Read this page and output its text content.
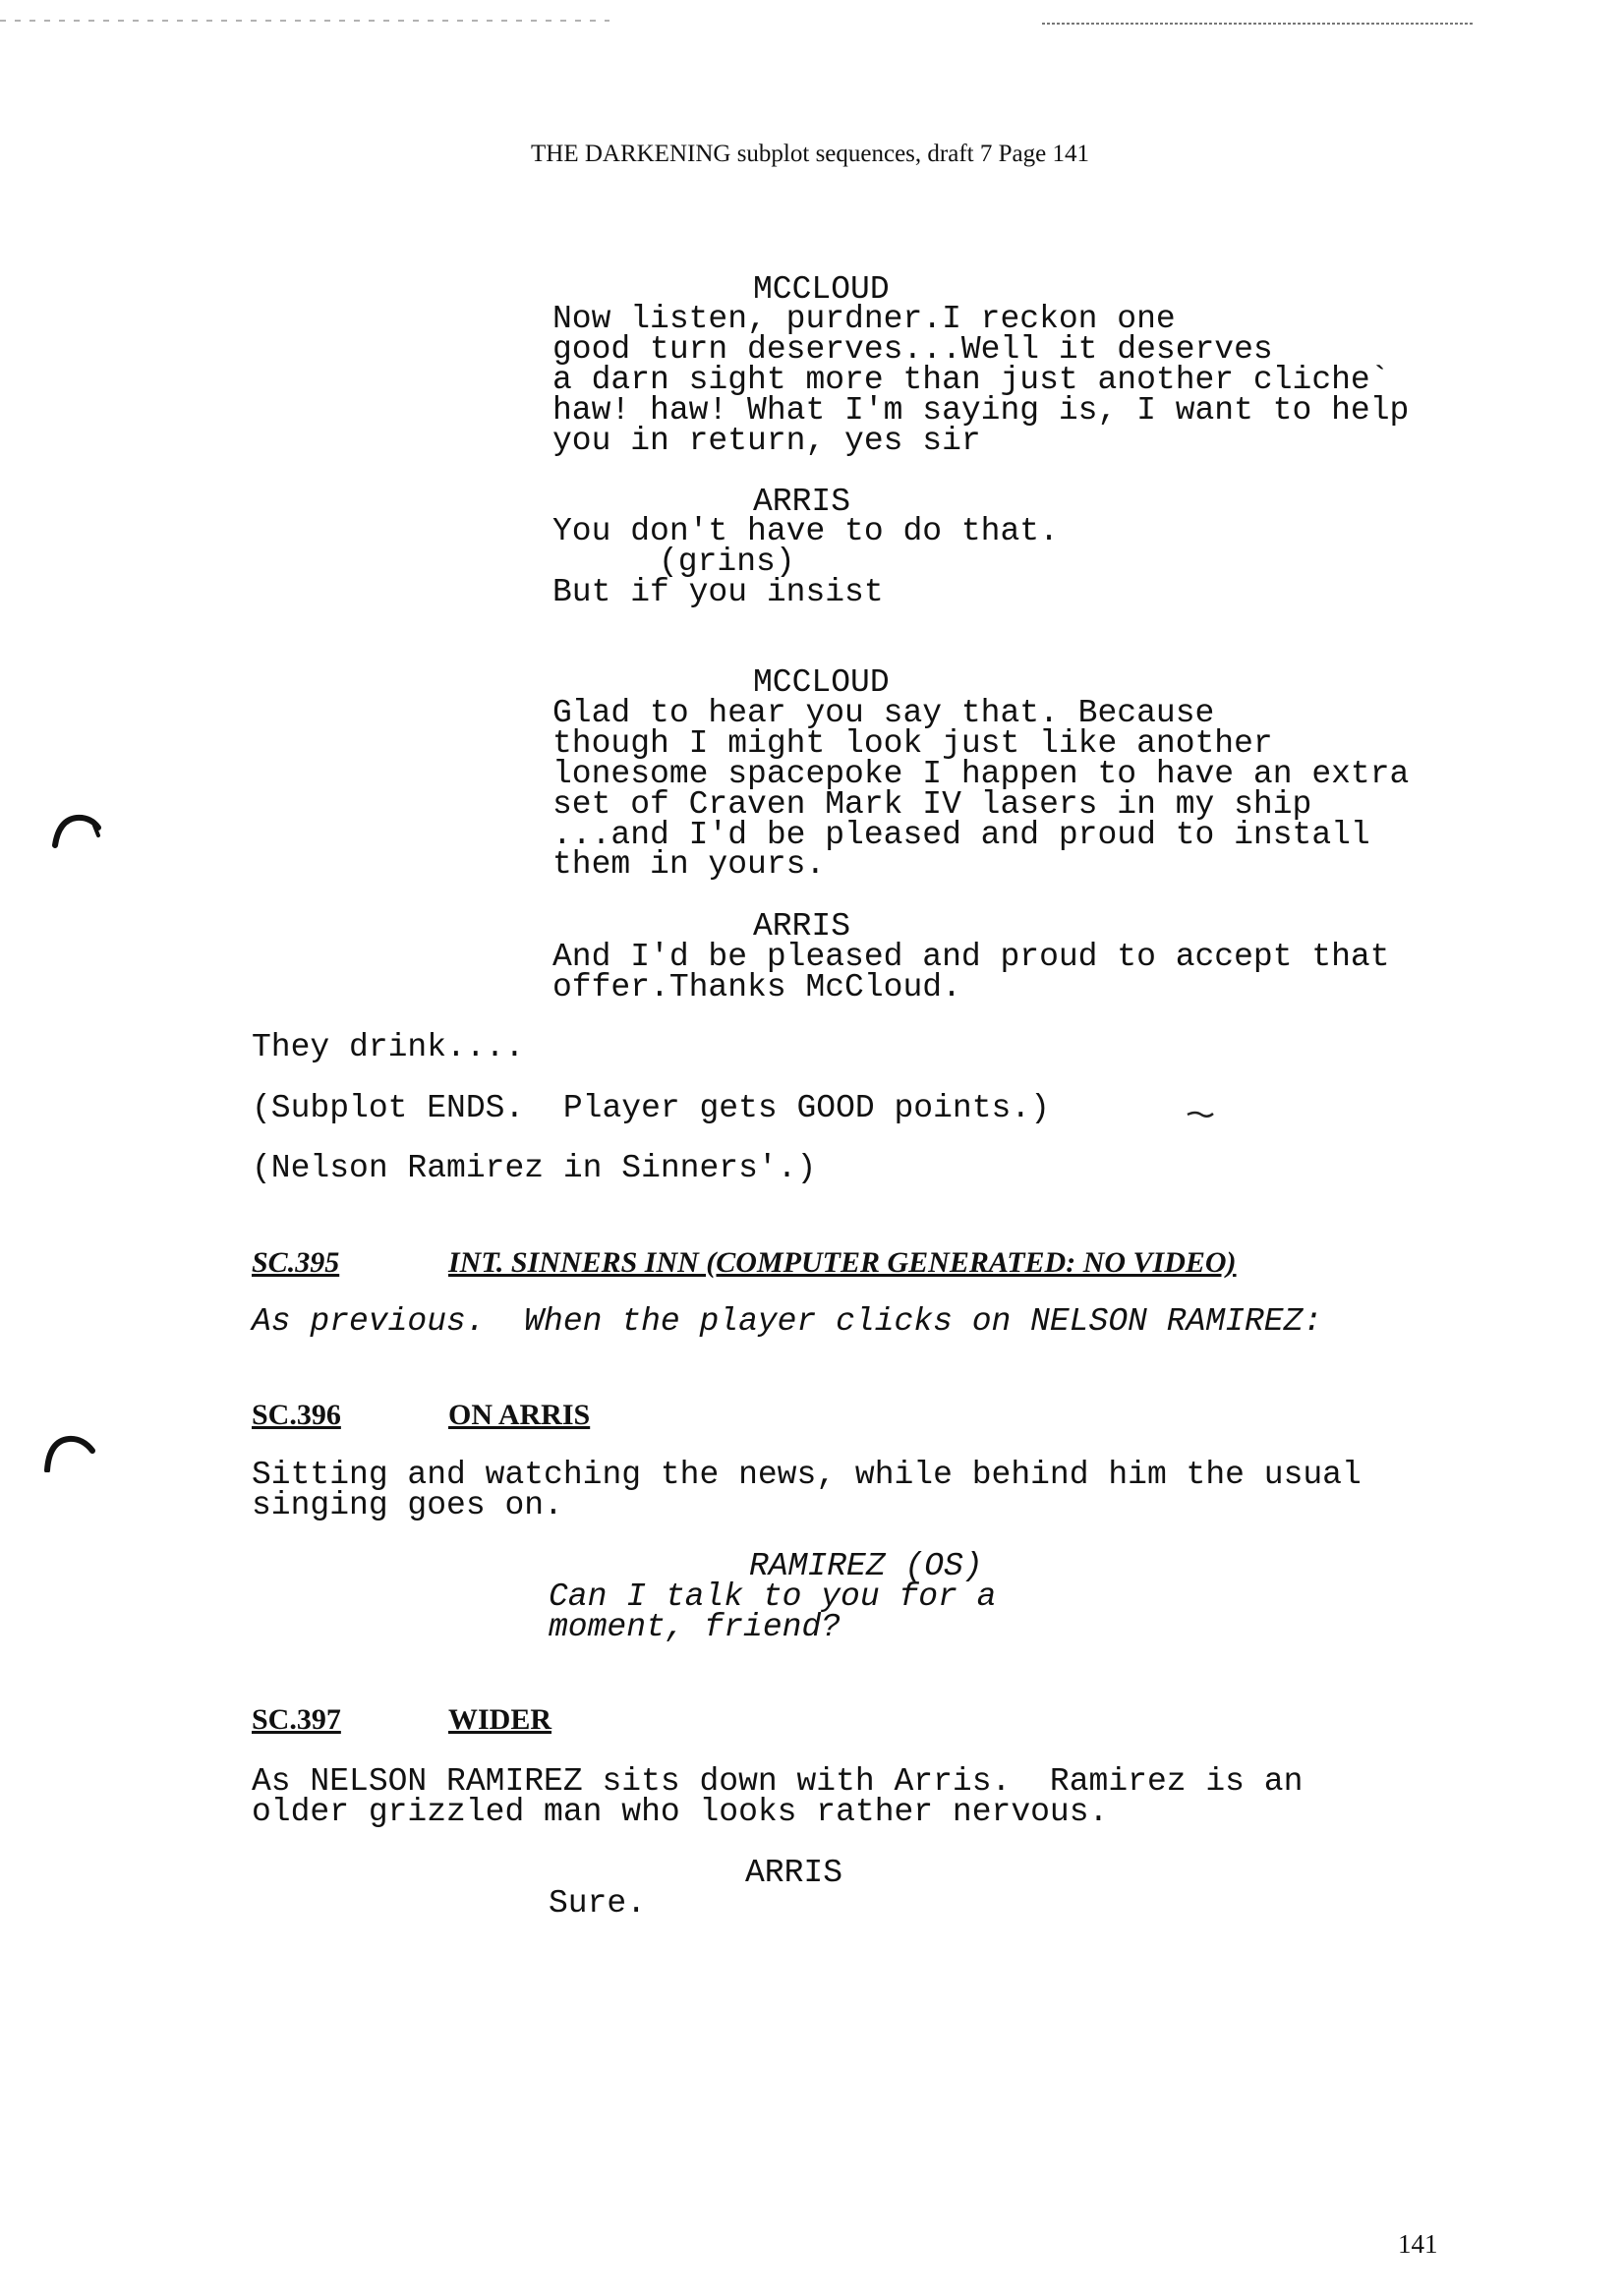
THE DARKENING subplot sequences, draft 7 Page 141
MCCLOUD
Now listen, purdner.I reckon one
good turn deserves...Well it deserves
a darn sight more than just another cliche`
haw! haw! What I'm saying is, I want to help
you in return, yes sir
ARRIS
You don't have to do that.
(grins)
But if you insist
MCCLOUD
Glad to hear you say that. Because
though I might look just like another
lonesome spacepoke I happen to have an extra
set of Craven Mark IV lasers in my ship
...and I'd be pleased and proud to install
them in yours.
ARRIS
And I'd be pleased and proud to accept that
offer.Thanks McCloud.
They drink....
(Subplot ENDS.  Player gets GOOD points.)
(Nelson Ramirez in Sinners'.)
SC.395	INT. SINNERS INN (COMPUTER GENERATED: NO VIDEO)
As previous.  When the player clicks on NELSON RAMIREZ:
SC.396	ON ARRIS
Sitting and watching the news, while behind him the usual
singing goes on.
RAMIREZ (OS)
Can I talk to you for a
moment, friend?
SC.397	WIDER
As NELSON RAMIREZ sits down with Arris.  Ramirez is an
older grizzled man who looks rather nervous.
ARRIS
Sure.
141
